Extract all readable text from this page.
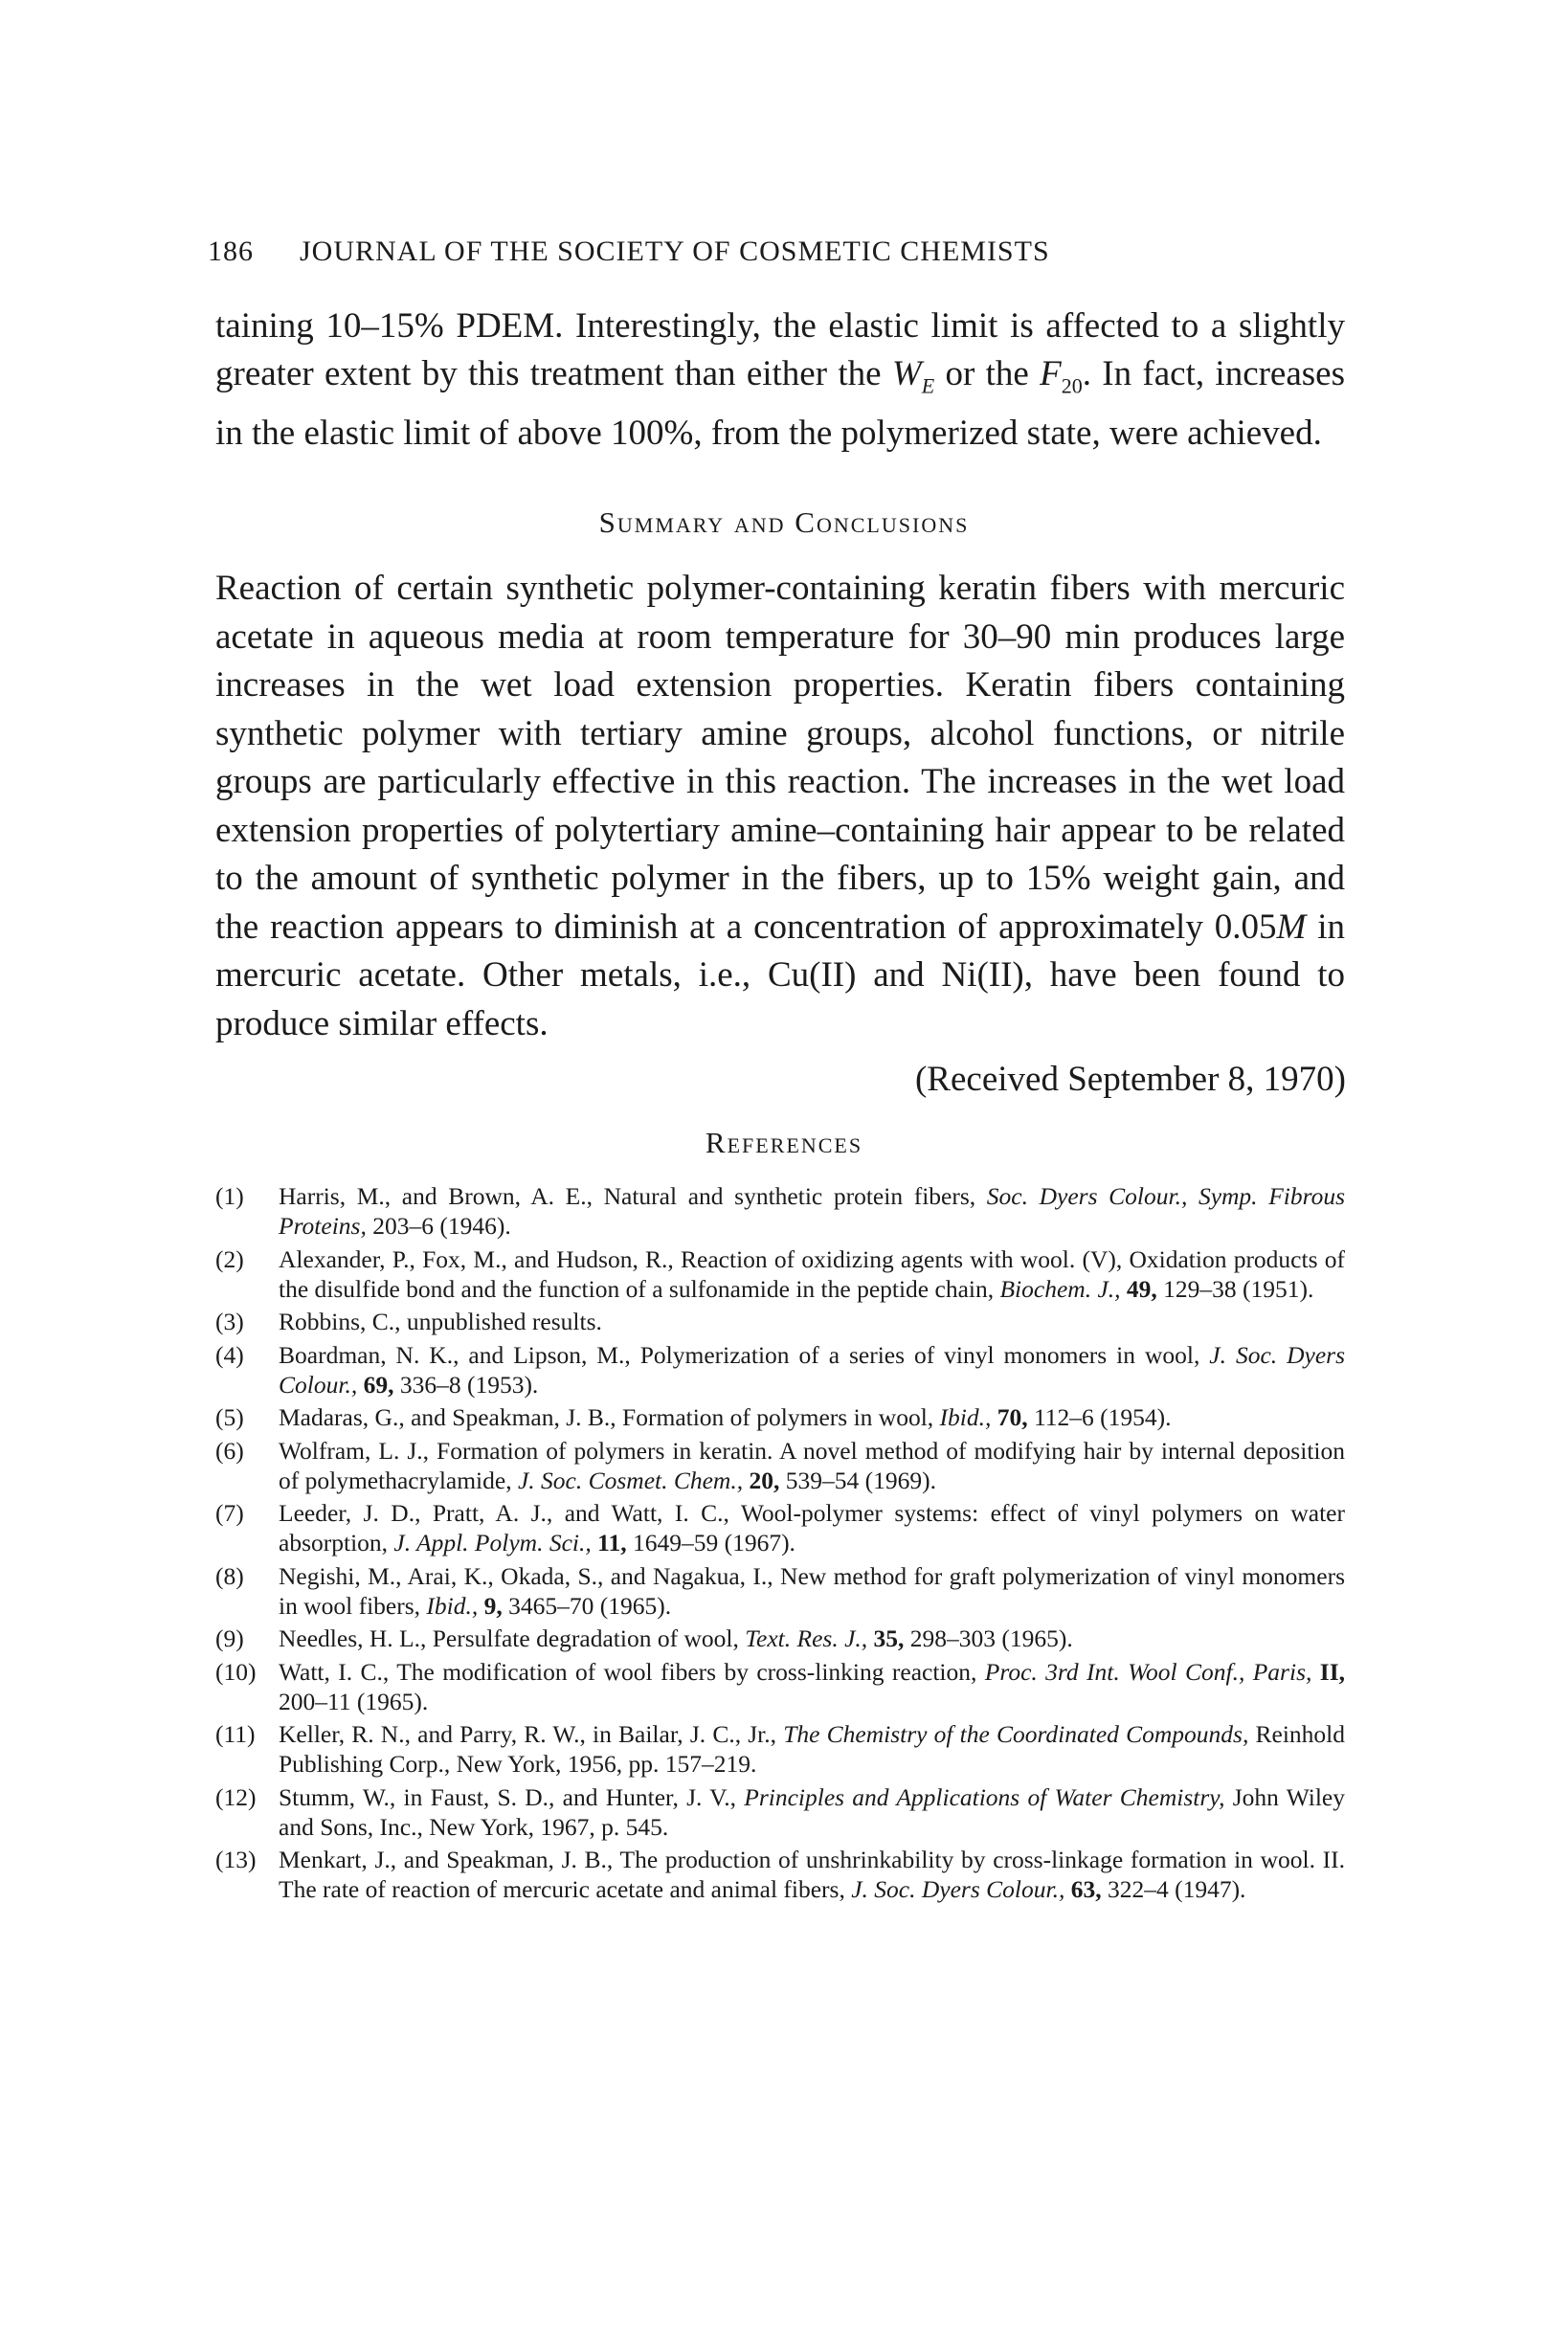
186 JOURNAL OF THE SOCIETY OF COSMETIC CHEMISTS

taining 10–15% PDEM. Interestingly, the elastic limit is affected to a slightly greater extent by this treatment than either the $W_E$ or the $F_{20}$. In fact, increases in the elastic limit of above 100%, from the polymerized state, were achieved.

Summary and Conclusions

Reaction of certain synthetic polymer-containing keratin fibers with mercuric acetate in aqueous media at room temperature for 30–90 min produces large increases in the wet load extension properties. Keratin fibers containing synthetic polymer with tertiary amine groups, alcohol functions, or nitrile groups are particularly effective in this reaction. The increases in the wet load extension properties of polytertiary amine–containing hair appear to be related to the amount of synthetic polymer in the fibers, up to 15% weight gain, and the reaction appears to diminish at a concentration of approximately 0.05M in mercuric acetate. Other metals, i.e., Cu(II) and Ni(II), have been found to produce similar effects.

(Received September 8, 1970)
References
(1)	Harris, M., and Brown, A. E., Natural and synthetic protein fibers, Soc. Dyers Colour., Symp. Fibrous Proteins, 203–6 (1946).
(2)	Alexander, P., Fox, M., and Hudson, R., Reaction of oxidizing agents with wool. (V), Oxidation products of the disulfide bond and the function of a sulfonamide in the peptide chain, Biochem. J., 49, 129–38 (1951).
(3)	Robbins, C., unpublished results.
(4)	Boardman, N. K., and Lipson, M., Polymerization of a series of vinyl monomers in wool, J. Soc. Dyers Colour., 69, 336–8 (1953).
(5)	Madaras, G., and Speakman, J. B., Formation of polymers in wool, Ibid., 70, 112–6 (1954).
(6)	Wolfram, L. J., Formation of polymers in keratin. A novel method of modifying hair by internal deposition of polymethacrylamide, J. Soc. Cosmet. Chem., 20, 539–54 (1969).
(7)	Leeder, J. D., Pratt, A. J., and Watt, I. C., Wool-polymer systems: effect of vinyl polymers on water absorption, J. Appl. Polym. Sci., 11, 1649–59 (1967).
(8)	Negishi, M., Arai, K., Okada, S., and Nagakua, I., New method for graft polymerization of vinyl monomers in wool fibers, Ibid., 9, 3465–70 (1965).
(9)	Needles, H. L., Persulfate degradation of wool, Text. Res. J., 35, 298–303 (1965).
(10) Watt, I. C., The modification of wool fibers by cross-linking reaction, Proc. 3rd Int. Wool Conf., Paris, II, 200–11 (1965).
(11) Keller, R. N., and Parry, R. W., in Bailar, J. C., Jr., The Chemistry of the Coordinated Compounds, Reinhold Publishing Corp., New York, 1956, pp. 157–219.
(12) Stumm, W., in Faust, S. D., and Hunter, J. V., Principles and Applications of Water Chemistry, John Wiley and Sons, Inc., New York, 1967, p. 545.
(13) Menkart, J., and Speakman, J. B., The production of unshrinkability by cross-linkage formation in wool. II. The rate of reaction of mercuric acetate and animal fibers, J. Soc. Dyers Colour., 63, 322–4 (1947).
